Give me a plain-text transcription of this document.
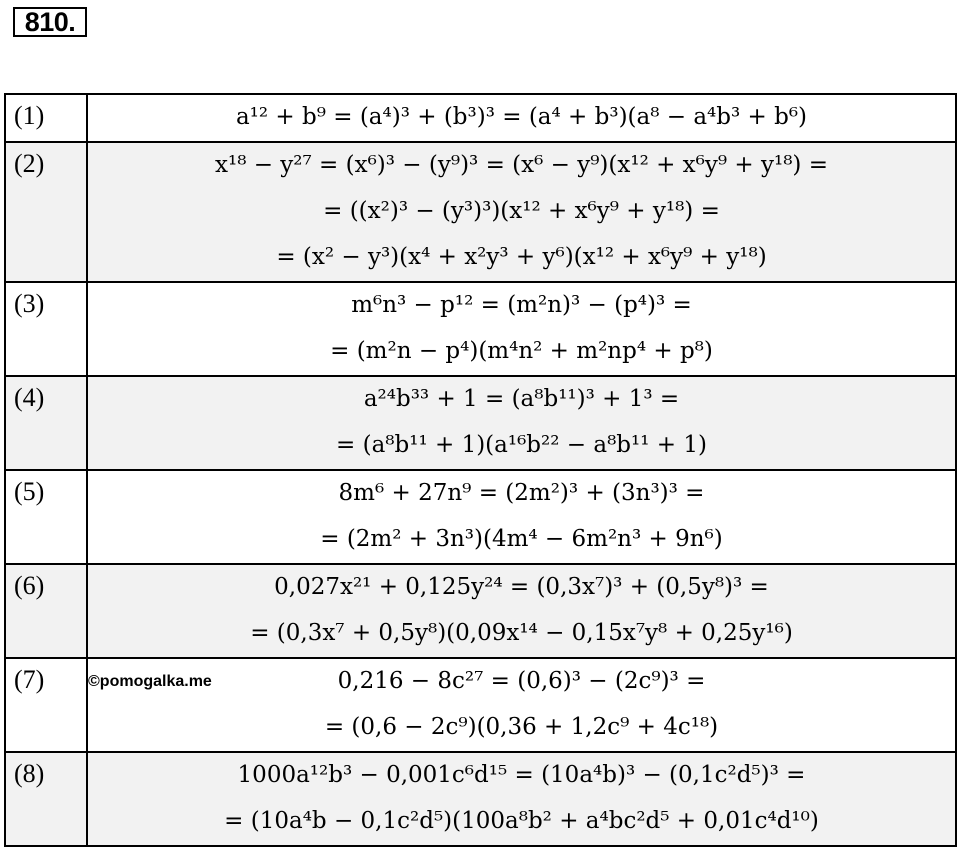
810.
(1)	a¹² + b⁹ = (a⁴)³ + (b³)³ = (a⁴ + b³)(a⁸ − a⁴b³ + b⁶)

(2)	x¹⁸ − y²⁷ = (x⁶)³ − (y⁹)³ = (x⁶ − y⁹)(x¹² + x⁶y⁹ + y¹⁸) =
= ((x²)³ − (y³)³)(x¹² + x⁶y⁹ + y¹⁸) =
= (x² − y³)(x⁴ + x²y³ + y⁶)(x¹² + x⁶y⁹ + y¹⁸)

(3)	m⁶n³ − p¹² = (m²n)³ − (p⁴)³ =
= (m²n − p⁴)(m⁴n² + m²np⁴ + p⁸)

(4)	a²⁴b³³ + 1 = (a⁸b¹¹)³ + 1³ =
= (a⁸b¹¹ + 1)(a¹⁶b²² − a⁸b¹¹ + 1)

(5)	8m⁶ + 27n⁹ = (2m²)³ + (3n³)³ =
= (2m² + 3n³)(4m⁴ − 6m²n³ + 9n⁶)

(6)	0,027x²¹ + 0,125y²⁴ = (0,3x⁷)³ + (0,5y⁸)³ =
= (0,3x⁷ + 0,5y⁸)(0,09x¹⁴ − 0,15x⁷y⁸ + 0,25y¹⁶)

(7)	©pomogalka.me 0,216 − 8c²⁷ = (0,6)³ − (2c⁹)³ =
= (0,6 − 2c⁹)(0,36 + 1,2c⁹ + 4c¹⁸)

(8)	1000a¹²b³ − 0,001c⁶d¹⁵ = (10a⁴b)³ − (0,1c²d⁵)³ =
= (10a⁴b − 0,1c²d⁵)(100a⁸b² + a⁴bc²d⁵ + 0,01c⁴d¹⁰)
